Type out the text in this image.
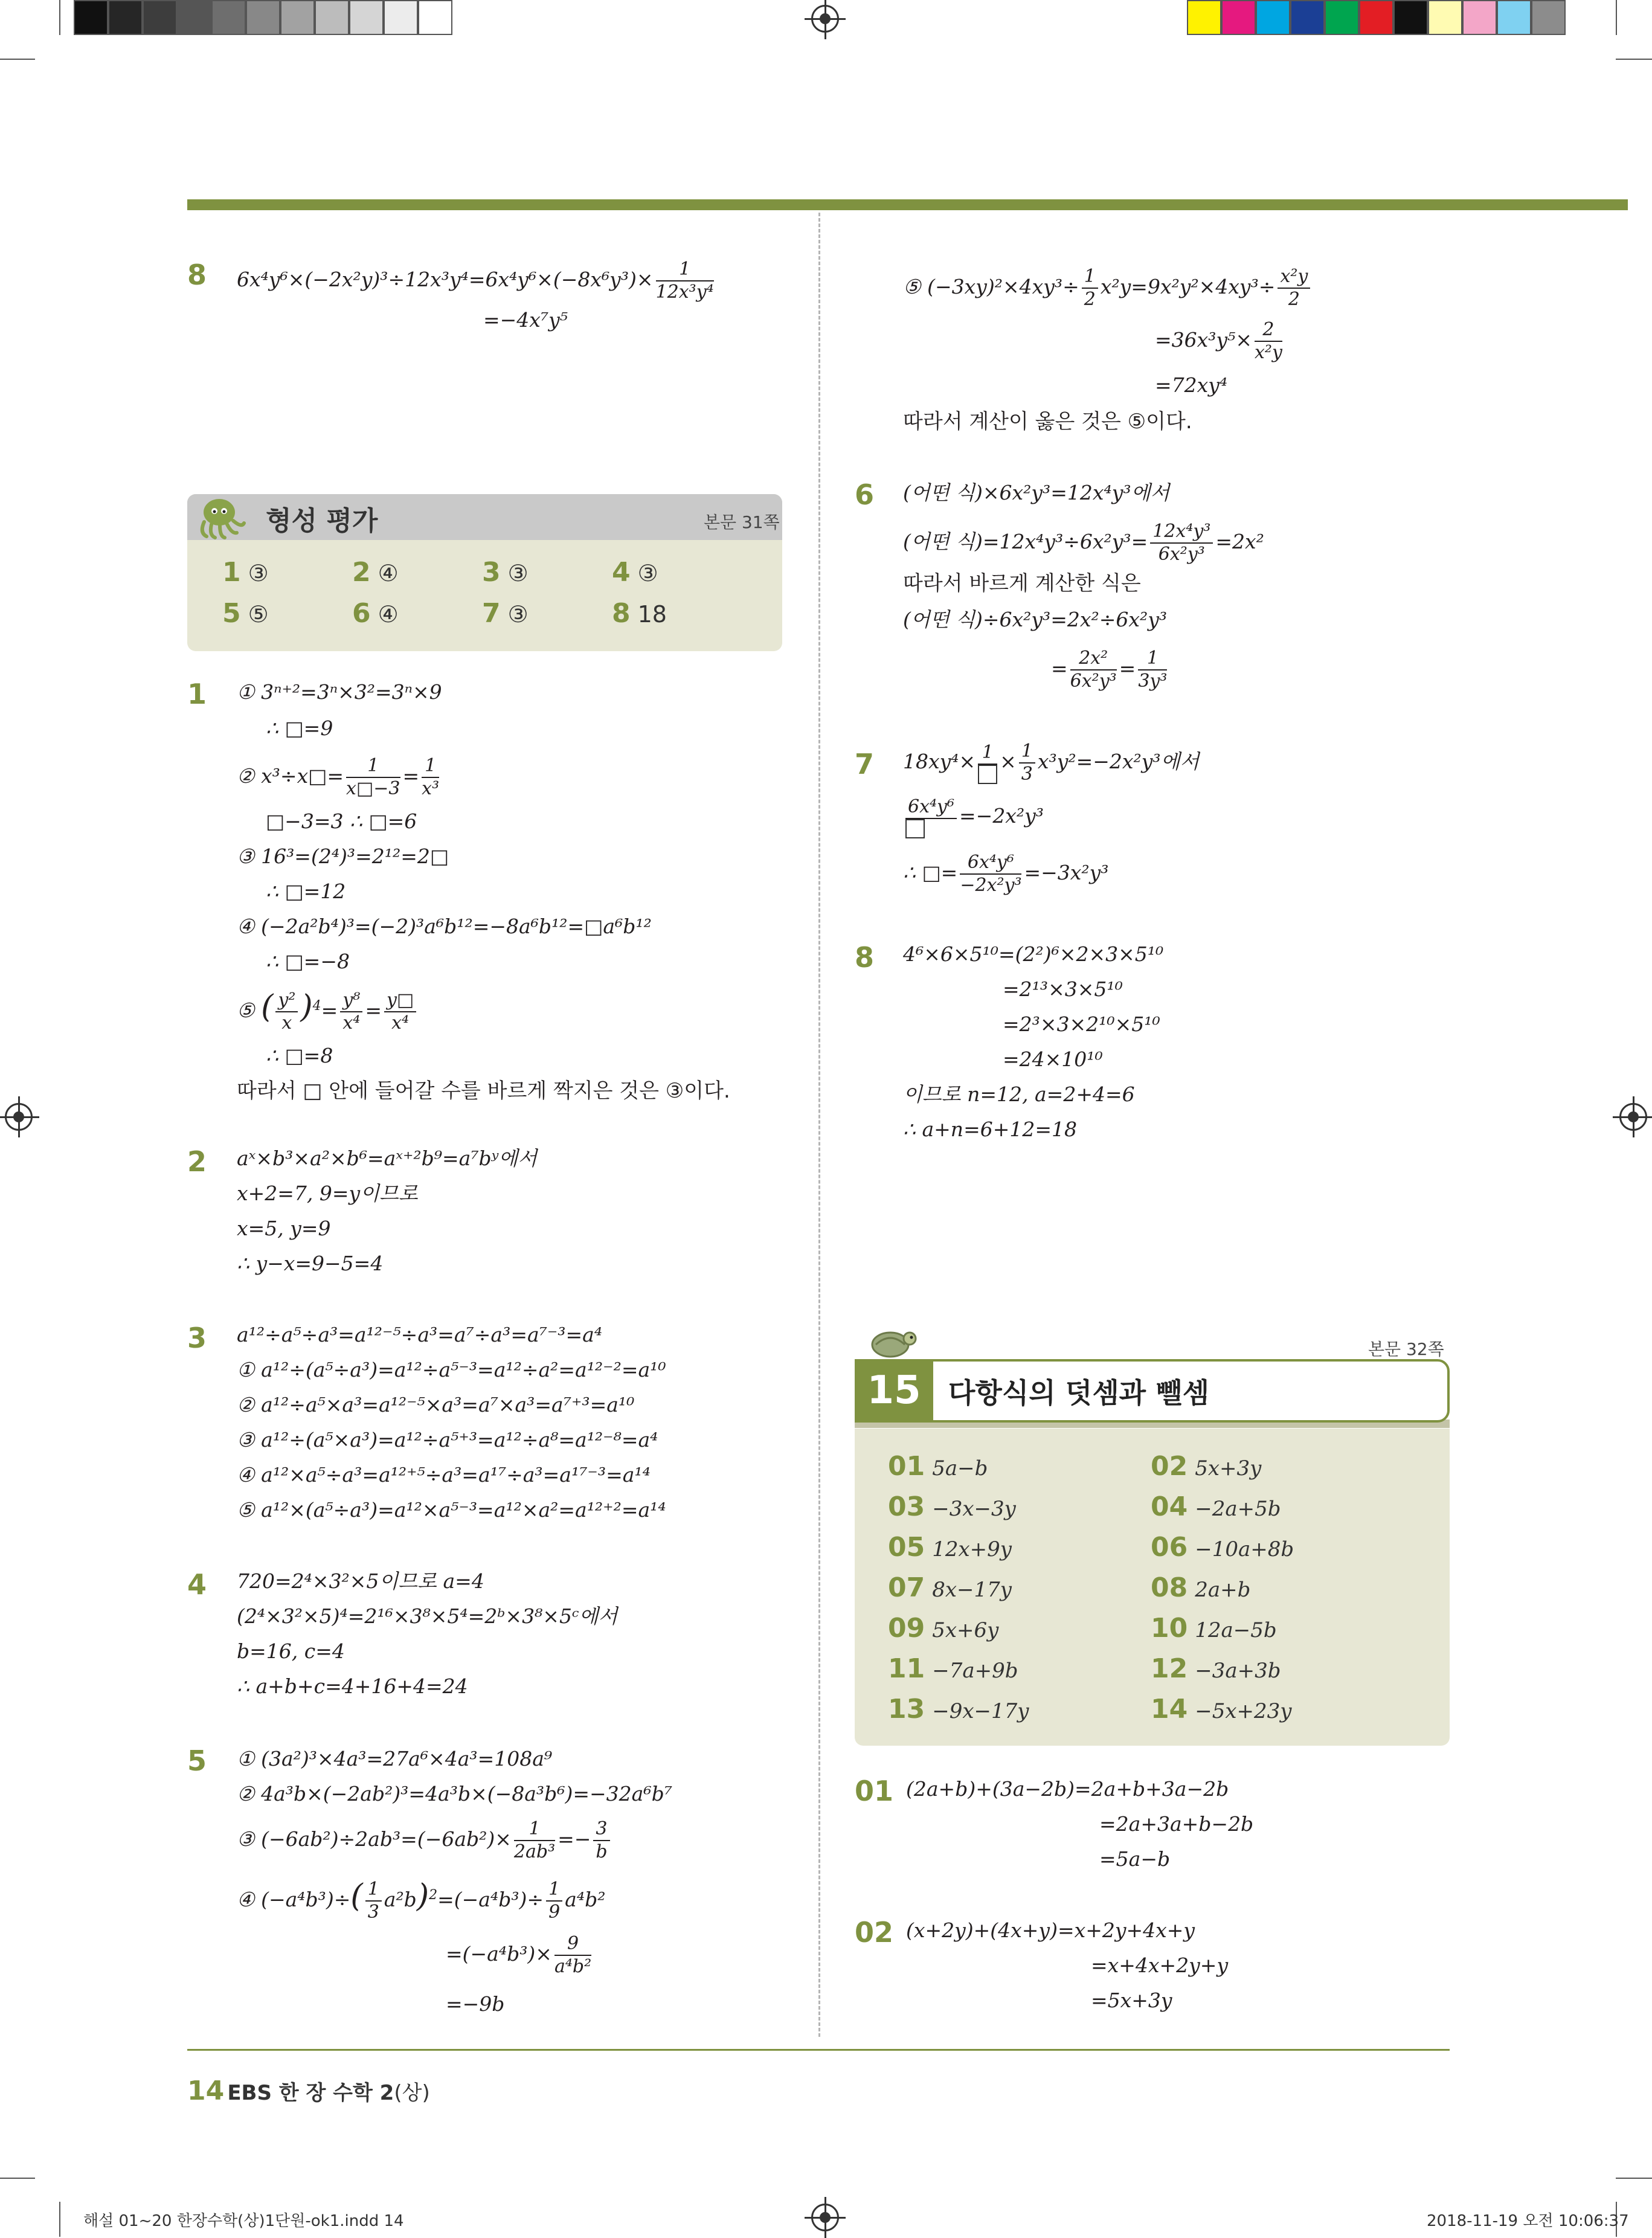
8 $6x^4y^6\times(-2x^2y)^3\div 12x^3y^4=6x^4y^6\times(-8x^6y^3)\times \frac{1}{\text{12x³y⁴}}$
=−4x⁷y⁵
형성 평가	본문 31쪽
1 ③	2 ④	3 ③	4 ③
5 ⑤	6 ④	7 ③	8 18
1 ① 3ⁿ⁺²=3ⁿ×3²=3ⁿ×9
∴ □=9
② x³÷x□= $\frac{1}{x□-3} = \frac{1}{\text{x³}}$
□−3=3 ∴ □=6
③ 16³=(2⁴)³=2¹²=2□
∴ □=12
④ (−2a²b⁴)³=(−2)³a⁶b¹²=−8a⁶b¹²=□a⁶b¹²
∴ □=−8
⑤ ( $\frac{\text{y²}}{x} )^4= \frac{\text{y⁸}}{\text{x⁴}} = \frac{y□}{\text{x⁴}}$
∴ □=8
따라서 □ 안에 들어갈 수를 바르게 짝지은 것은 ③이다.
2 aˣ×b³×a²×b⁶=aˣ⁺²b⁹=a⁷bʸ에서
x+2=7, 9=y이므로
x=5, y=9
∴ y−x=9−5=4
3 a¹²÷a⁵÷a³=a¹²⁻⁵÷a³=a⁷÷a³=a⁷⁻³=a⁴
① a¹²÷(a⁵÷a³)=a¹²÷a⁵⁻³=a¹²÷a²=a¹²⁻²=a¹⁰
② a¹²÷a⁵×a³=a¹²⁻⁵×a³=a⁷×a³=a⁷⁺³=a¹⁰
③ a¹²÷(a⁵×a³)=a¹²÷a⁵⁺³=a¹²÷a⁸=a¹²⁻⁸=a⁴
④ a¹²×a⁵÷a³=a¹²⁺⁵÷a³=a¹⁷÷a³=a¹⁷⁻³=a¹⁴
⑤ a¹²×(a⁵÷a³)=a¹²×a⁵⁻³=a¹²×a²=a¹²⁺²=a¹⁴
4 720=2⁴×3²×5이므로 a=4
(2⁴×3²×5)⁴=2¹⁶×3⁸×5⁴=2ᵇ×3⁸×5ᶜ에서
b=16, c=4
∴ a+b+c=4+16+4=24
5 ① (3a²)³×4a³=27a⁶×4a³=108a⁹
② 4a³b×(−2ab²)³=4a³b×(−8a³b⁶)=−32a⁶b⁷
③ $(-6ab^2)\div 2ab^3=(-6ab^2)\times \frac{1}{\text{2ab³}} =- \frac{3}{b}$
④ $(-a^4b^3)\div( \frac{1}{3} a^2b)^2=(-a^4b^3)\div \frac{1}{9} a^4b^2$
$=(-a^4b^3)\times \frac{9}{\text{a⁴b²}}$
=−9b
⑤ $(-3xy)^2\times 4xy^3\div \frac{1}{2} x^2y=9x^2y^2\times 4xy^3\div \frac{\text{x²y}}{2}$
$=36x^3y^5\times \frac{2}{\text{x²y}}$
=72xy⁴
따라서 계산이 옳은 것은 ⑤이다.
6 (어떤 식)×6x²y³=12x⁴y³에서
(어떤 식)$=12x^4y^3\div 6x^2y^3= \frac{\text{12x⁴y³}}{\text{6x²y³}} =2x^2$
따라서 바르게 계산한 식은
(어떤 식)÷6x²y³=2x²÷6x²y³
= $\frac{\text{2x²}}{\text{6x²y³}} = \frac{1}{\text{3y³}}$
7 $18xy^4\times 1 \times \frac{1}{3} x^3y^2=-2x^2y^3$에서
6x⁴y⁶ =−2x²y³
∴ □= $\frac{\text{6x⁴y⁶}}{\text{−2x²y³}} =-3x^2y^3$
8 4⁶×6×5¹⁰=(2²)⁶×2×3×5¹⁰
=2¹³×3×5¹⁰
=2³×3×2¹⁰×5¹⁰
=24×10¹⁰
이므로 n=12, a=2+4=6
∴ a+n=6+12=18
본문 32쪽
15 다항식의 덧셈과 뺄셈
01 5a−b	02 5x+3y
03 −3x−3y	04 −2a+5b
05 12x+9y	06 −10a+8b
07 8x−17y	08 2a+b
09 5x+6y	10 12a−5b
11 −7a+9b	12 −3a+3b
13 −9x−17y	14 −5x+23y
01 (2a+b)+(3a−2b)=2a+b+3a−2b
=2a+3a+b−2b
=5a−b
02 (x+2y)+(4x+y)=x+2y+4x+y
=x+4x+2y+y
=5x+3y
14 EBS 한 장 수학 2(상)
해설 01~20 한장수학(상)1단원-ok1.indd 14	2018-11-19 오전 10:06:37
